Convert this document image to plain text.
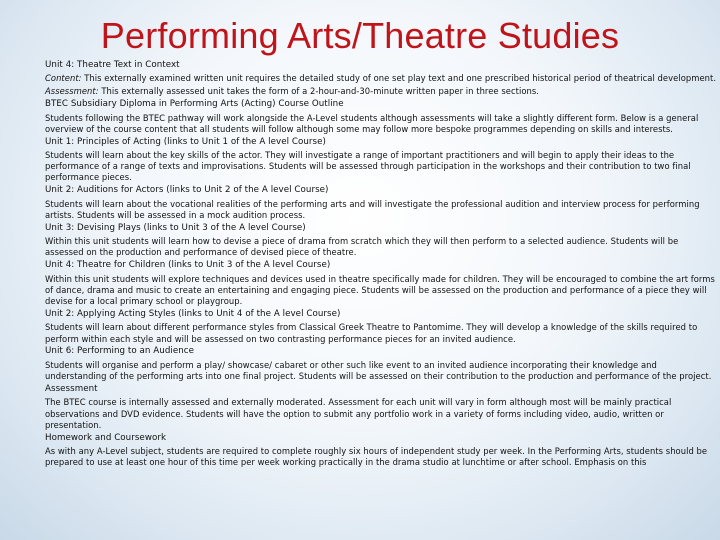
Performing Arts/Theatre Studies

Unit 4: Theatre Text in Context

Content: This externally examined written unit requires the detailed study of one set play text and one prescribed historical period of theatrical development.

Assessment: This externally assessed unit takes the form of a 2-hour-and-30-minute written paper in three sections.

BTEC Subsidiary Diploma in Performing Arts (Acting) Course Outline

Students following the BTEC pathway will work alongside the A-Level students although assessments will take a slightly different form. Below is a general overview of the course content that all students will follow although some may follow more bespoke programmes depending on skills and interests.

Unit 1: Principles of Acting (links to Unit 1 of the A level Course)

Students will learn about the key skills of the actor. They will investigate a range of important practitioners and will begin to apply their ideas to the performance of a range of texts and improvisations. Students will be assessed through participation in the workshops and their contribution to two final performance pieces.

Unit 2: Auditions for Actors (links to Unit 2 of the A level Course)

Students will learn about the vocational realities of the performing arts and will investigate the professional audition and interview process for performing artists. Students will be assessed in a mock audition process.

Unit 3: Devising Plays (links to Unit 3 of the A level Course)

Within this unit students will learn how to devise a piece of drama from scratch which they will then perform to a selected audience. Students will be assessed on the production and performance of devised piece of theatre.

Unit 4: Theatre for Children (links to Unit 3 of the A level Course)

Within this unit students will explore techniques and devices used in theatre specifically made for children. They will be encouraged to combine the art forms of dance, drama and music to create an entertaining and engaging piece. Students will be assessed on the production and performance of a piece they will devise for a local primary school or playgroup.

Unit 2: Applying Acting Styles (links to Unit 4 of the A level Course)

Students will learn about different performance styles from Classical Greek Theatre to Pantomime. They will develop a knowledge of the skills required to perform within each style and will be assessed on two contrasting performance pieces for an invited audience.

Unit 6: Performing to an Audience

Students will organise and perform a play/ showcase/ cabaret or other such like event to an invited audience incorporating their knowledge and understanding of the performing arts into one final project. Students will be assessed on their contribution to the production and performance of the project.

Assessment

The BTEC course is internally assessed and externally moderated. Assessment for each unit will vary in form although most will be mainly practical observations and DVD evidence. Students will have the option to submit any portfolio work in a variety of forms including video, audio, written or presentation.

Homework and Coursework

As with any A-Level subject, students are required to complete roughly six hours of independent study per week. In the Performing Arts, students should be prepared to use at least one hour of this time per week working practically in the drama studio at lunchtime or after school. Emphasis on this
